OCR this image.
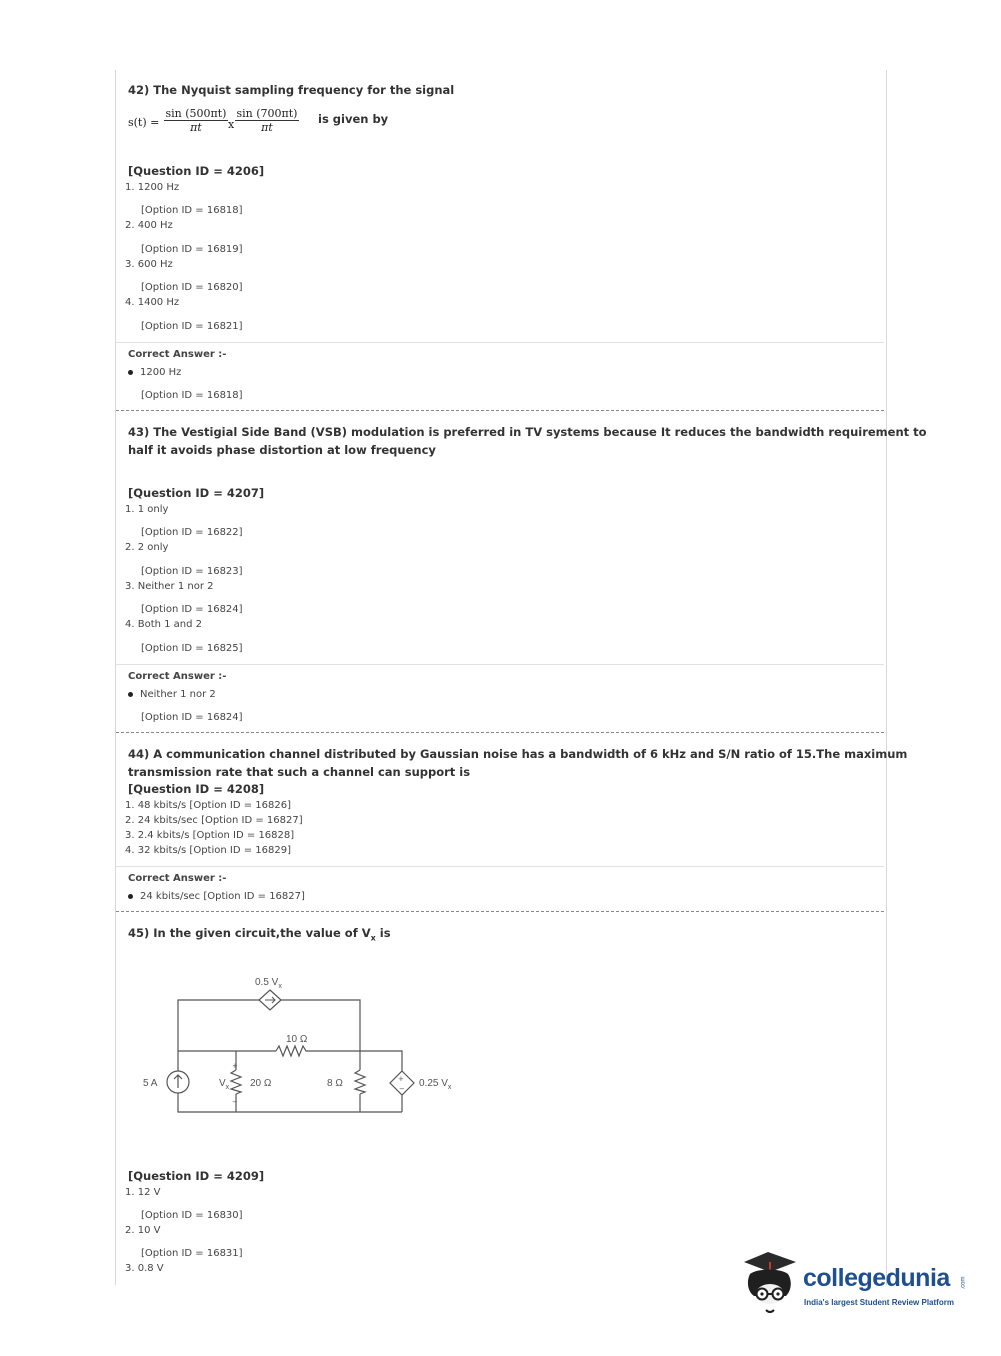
42) The Nyquist sampling frequency for the signal
$s(t) = \frac{\sin (500\pi t)}{\pi t}$ x $\frac{\sin (700\pi t)}{\pi t}$ is given by
[Question ID = 4206]
1. 1200 Hz
[Option ID = 16818]
2. 400 Hz
[Option ID = 16819]
3. 600 Hz
[Option ID = 16820]
4. 1400 Hz
[Option ID = 16821]
Correct Answer :-
1200 Hz
[Option ID = 16818]
43) The Vestigial Side Band (VSB) modulation is preferred in TV systems because It reduces the bandwidth requirement to
half it avoids phase distortion at low frequency
[Question ID = 4207]
1. 1 only
[Option ID = 16822]
2. 2 only
[Option ID = 16823]
3. Neither 1 nor 2
[Option ID = 16824]
4. Both 1 and 2
[Option ID = 16825]
Correct Answer :-
Neither 1 nor 2
[Option ID = 16824]
44) A communication channel distributed by Gaussian noise has a bandwidth of 6 kHz and S/N ratio of 15.The maximum
transmission rate that such a channel can support is
[Question ID = 4208]
1. 48 kbits/s [Option ID = 16826]
2. 24 kbits/sec [Option ID = 16827]
3. 2.4 kbits/s [Option ID = 16828]
4. 32 kbits/s [Option ID = 16829]
Correct Answer :-
24 kbits/sec [Option ID = 16827]
45) In the given circuit,the value of $V_x$ is
+
−
+
−
0.5 $V_x$
10 Ω
5 A	$V_x$ 20 Ω	8 Ω	0.25 $V_x$
[Question ID = 4209]
1. 12 V
[Option ID = 16830]
2. 10 V
[Option ID = 16831]
3. 0.8 V	collegedunia .com
India's largest Student Review Platform
